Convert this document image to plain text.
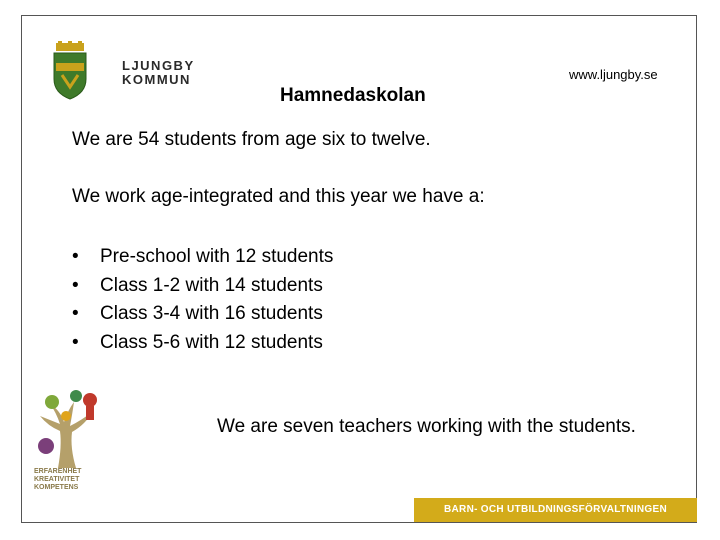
LJUNGBY
KOMMUN	www.ljungby.se
Hamnedaskolan
We are 54 students from age six to twelve.
We work age-integrated and this year we have a:
•	Pre-school with 12 students
•	Class 1-2 with 14 students
•	Class 3-4 with 16 students
•	Class 5-6 with 12 students
We are seven teachers working with the students.
ERFARENHET
KREATIVITET
KOMPETENS
BARN- OCH UTBILDNINGSFÖRVALTNINGEN
